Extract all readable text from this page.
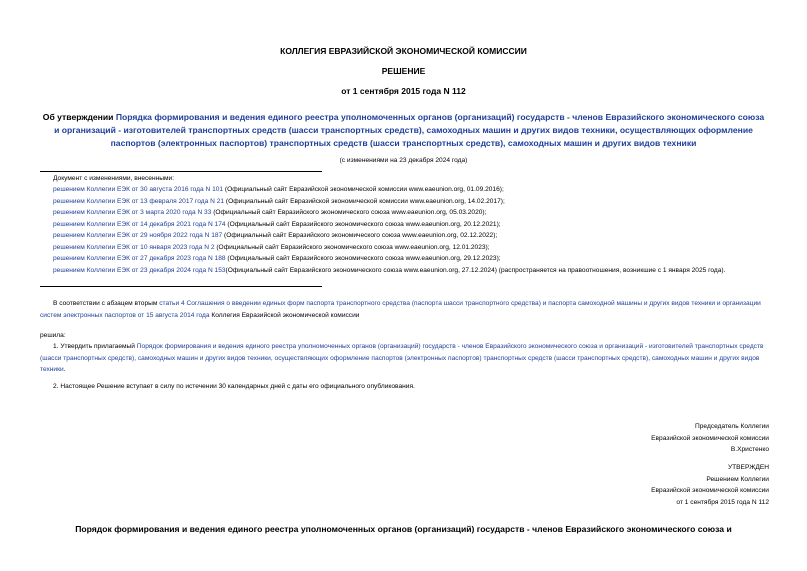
КОЛЛЕГИЯ ЕВРАЗИЙСКОЙ ЭКОНОМИЧЕСКОЙ КОМИССИИ
РЕШЕНИЕ
от 1 сентября 2015 года N 112
Об утверждении Порядка формирования и ведения единого реестра уполномоченных органов (организаций) государств - членов Евразийского экономического союза и организаций - изготовителей транспортных средств (шасси транспортных средств), самоходных машин и других видов техники, осуществляющих оформление паспортов (электронных паспортов) транспортных средств (шасси транспортных средств), самоходных машин и других видов техники
(с изменениями на 23 декабря 2024 года)
Документ с изменениями, внесенными:
решением Коллегии ЕЭК от 30 августа 2016 года N 101 (Официальный сайт Евразийской экономической комиссии www.eaeunion.org, 01.09.2016);
решением Коллегии ЕЭК от 13 февраля 2017 года N 21 (Официальный сайт Евразийской экономической комиссии www.eaeunion.org, 14.02.2017);
решением Коллегии ЕЭК от 3 марта 2020 года N 33 (Официальный сайт Евразийского экономического союза www.eaeunion.org, 05.03.2020);
решением Коллегии ЕЭК от 14 декабря 2021 года N 174 (Официальный сайт Евразийского экономического союза www.eaeunion.org, 20.12.2021);
решением Коллегии ЕЭК от 29 ноября 2022 года N 187 (Официальный сайт Евразийского экономического союза www.eaeunion.org, 02.12.2022);
решением Коллегии ЕЭК от 10 января 2023 года N 2 (Официальный сайт Евразийского экономического союза www.eaeunion.org, 12.01.2023);
решением Коллегии ЕЭК от 27 декабря 2023 года N 188 (Официальный сайт Евразийского экономического союза www.eaeunion.org, 29.12.2023);
решением Коллегии ЕЭК от 23 декабря 2024 года N 153(Официальный сайт Евразийского экономического союза www.eaeunion.org, 27.12.2024) (распространяется на правоотношения, возникшие с 1 января 2025 года).
В соответствии с абзацем вторым статьи 4 Соглашения о введении единых форм паспорта транспортного средства (паспорта шасси транспортного средства) и паспорта самоходной машины и других видов техники и организации систем электронных паспортов от 15 августа 2014 года Коллегия Евразийской экономической комиссии
решила:
1. Утвердить прилагаемый Порядок формирования и ведения единого реестра уполномоченных органов (организаций) государств - членов Евразийского экономического союза и организаций - изготовителей транспортных средств (шасси транспортных средств), самоходных машин и других видов техники, осуществляющих оформление паспортов (электронных паспортов) транспортных средств (шасси транспортных средств), самоходных машин и других видов техники.
2. Настоящее Решение вступает в силу по истечении 30 календарных дней с даты его официального опубликования.
Председатель Коллегии
Евразийской экономической комиссии
В.Христенко
УТВЕРЖДЕН
Решением Коллегии
Евразийской экономической комиссии
от 1 сентября 2015 года N 112
Порядок формирования и ведения единого реестра уполномоченных органов (организаций) государств - членов Евразийского экономического союза и
